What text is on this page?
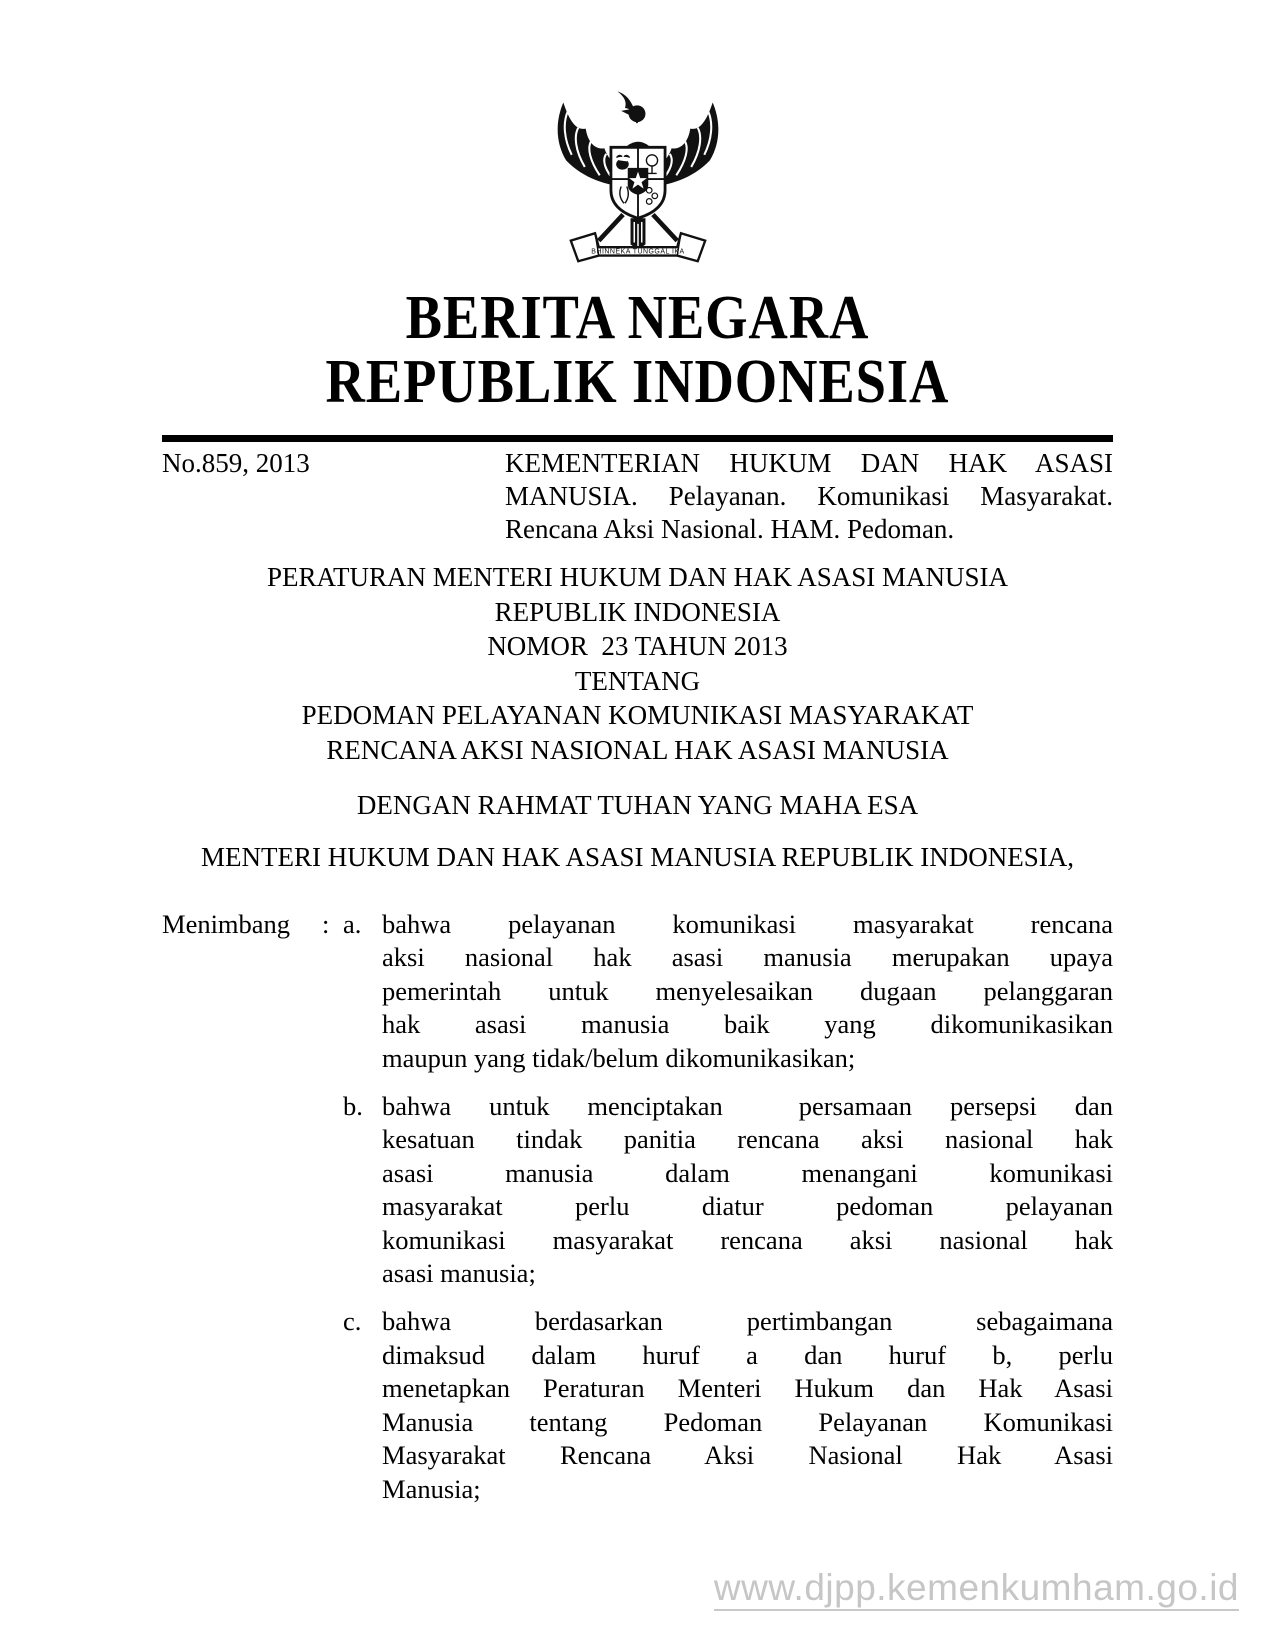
BHINNEKA TUNGGAL IKA
BERITA NEGARA
REPUBLIK INDONESIA
No.859, 2013	KEMENTERIAN HUKUM DAN HAK ASASI
MANUSIA. Pelayanan. Komunikasi Masyarakat.
Rencana Aksi Nasional. HAM. Pedoman.
PERATURAN MENTERI HUKUM DAN HAK ASASI MANUSIA
REPUBLIK INDONESIA
NOMOR  23 TAHUN 2013
TENTANG
PEDOMAN PELAYANAN KOMUNIKASI MASYARAKAT
RENCANA AKSI NASIONAL HAK ASASI MANUSIA
DENGAN RAHMAT TUHAN YANG MAHA ESA
MENTERI HUKUM DAN HAK ASASI MANUSIA REPUBLIK INDONESIA,
Menimbang	: a. bahwa pelayanan komunikasi masyarakat rencana
aksi nasional hak asasi manusia merupakan upaya
pemerintah untuk menyelesaikan dugaan pelanggaran
hak asasi manusia baik yang dikomunikasikan
maupun yang tidak/belum dikomunikasikan;
b. bahwa untuk menciptakan  persamaan persepsi dan
kesatuan tindak panitia rencana aksi nasional hak
asasi manusia dalam menangani komunikasi
masyarakat perlu diatur pedoman pelayanan
komunikasi masyarakat rencana aksi nasional hak
asasi manusia;
c. bahwa berdasarkan pertimbangan sebagaimana
dimaksud dalam huruf a dan huruf b, perlu
menetapkan Peraturan Menteri Hukum dan Hak Asasi
Manusia tentang Pedoman Pelayanan Komunikasi
Masyarakat Rencana Aksi Nasional Hak Asasi
Manusia;
www.djpp.kemenkumham.go.id
